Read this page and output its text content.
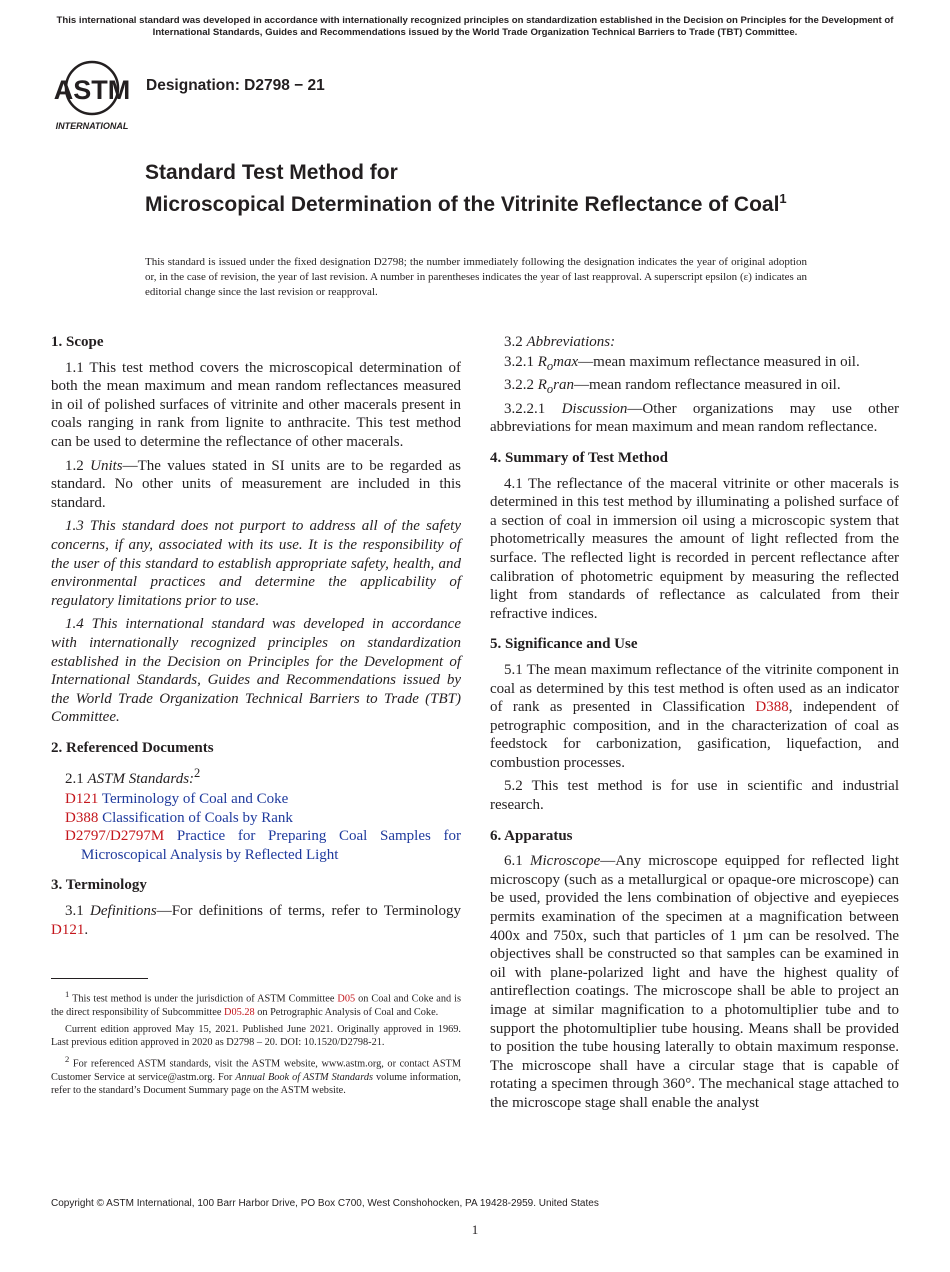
This international standard was developed in accordance with internationally recognized principles on standardization established in the Decision on Principles for the Development of International Standards, Guides and Recommendations issued by the World Trade Organization Technical Barriers to Trade (TBT) Committee.
ASTM
INTERNATIONAL
Designation: D2798 − 21
Standard Test Method for
Microscopical Determination of the Vitrinite Reflectance of Coal$^1$
This standard is issued under the fixed designation D2798; the number immediately following the designation indicates the year of original adoption or, in the case of revision, the year of last revision. A number in parentheses indicates the year of last reapproval. A superscript epsilon (ε) indicates an editorial change since the last revision or reapproval.
1. Scope

1.1 This test method covers the microscopical determination of both the mean maximum and mean random reflectances measured in oil of polished surfaces of vitrinite and other macerals present in coals ranging in rank from lignite to anthracite. This test method can be used to determine the reflectance of other macerals.

1.2 Units—The values stated in SI units are to be regarded as standard. No other units of measurement are included in this standard.

1.3 This standard does not purport to address all of the safety concerns, if any, associated with its use. It is the responsibility of the user of this standard to establish appropriate safety, health, and environmental practices and determine the applicability of regulatory limitations prior to use.

1.4 This international standard was developed in accordance with internationally recognized principles on standardization established in the Decision on Principles for the Development of International Standards, Guides and Recommendations issued by the World Trade Organization Technical Barriers to Trade (TBT) Committee.

2. Referenced Documents

2.1 ASTM Standards:$^2$

D121 Terminology of Coal and Coke
D388 Classification of Coals by Rank
D2797/D2797M Practice for Preparing Coal Samples for Microscopical Analysis by Reflected Light
3. Terminology

3.1 Definitions—For definitions of terms, refer to Terminology D121.

3.2 Abbreviations:

3.2.1 $R_o\max—mean$ maximum reflectance measured in oil.

3.2.2 $R_oran—mean$ random reflectance measured in oil.

3.2.2.1 Discussion—Other organizations may use other abbreviations for mean maximum and mean random reflectance.

4. Summary of Test Method

4.1 The reflectance of the maceral vitrinite or other macerals is determined in this test method by illuminating a polished surface of a section of coal in immersion oil using a microscopic system that photometrically measures the amount of light reflected from the surface. The reflected light is recorded in percent reflectance after calibration of photometric equipment by measuring the reflected light from standards of reflectance as calculated from their refractive indices.

5. Significance and Use

5.1 The mean maximum reflectance of the vitrinite component in coal as determined by this test method is often used as an indicator of rank as presented in Classification D388, independent of petrographic composition, and in the characterization of coal as feedstock for carbonization, gasification, liquefaction, and combustion processes.

5.2 This test method is for use in scientific and industrial research.

6. Apparatus

6.1 Microscope—Any microscope equipped for reflected light microscopy (such as a metallurgical or opaque-ore microscope) can be used, provided the lens combination of objective and eyepieces permits examination of the specimen at a magnification between 400x and 750x, such that particles of 1 µm can be resolved. The objectives shall be constructed so that samples can be examined in oil with plane-polarized light and have the highest quality of antireflection coatings. The microscope shall be able to project an image at similar magnification to a photomultiplier tube and to support the photomultiplier tube housing. Means shall be provided to position the tube housing laterally to obtain maximum response. The microscope shall have a circular stage that is capable of rotating a specimen through 360°. The mechanical stage attached to the microscope stage shall enable the analyst

$^1$ This test method is under the jurisdiction of ASTM Committee D05 on Coal and Coke and is the direct responsibility of Subcommittee D05.28 on Petrographic Analysis of Coal and Coke.

Current edition approved May 15, 2021. Published June 2021. Originally approved in 1969. Last previous edition approved in 2020 as D2798 – 20. DOI: 10.1520/D2798-21.

$^2$ For referenced ASTM standards, visit the ASTM website, www.astm.org, or contact ASTM Customer Service at service@astm.org. For Annual Book of ASTM Standards volume information, refer to the standard’s Document Summary page on the ASTM website.

Copyright © ASTM International, 100 Barr Harbor Drive, PO Box C700, West Conshohocken, PA 19428-2959. United States
1
